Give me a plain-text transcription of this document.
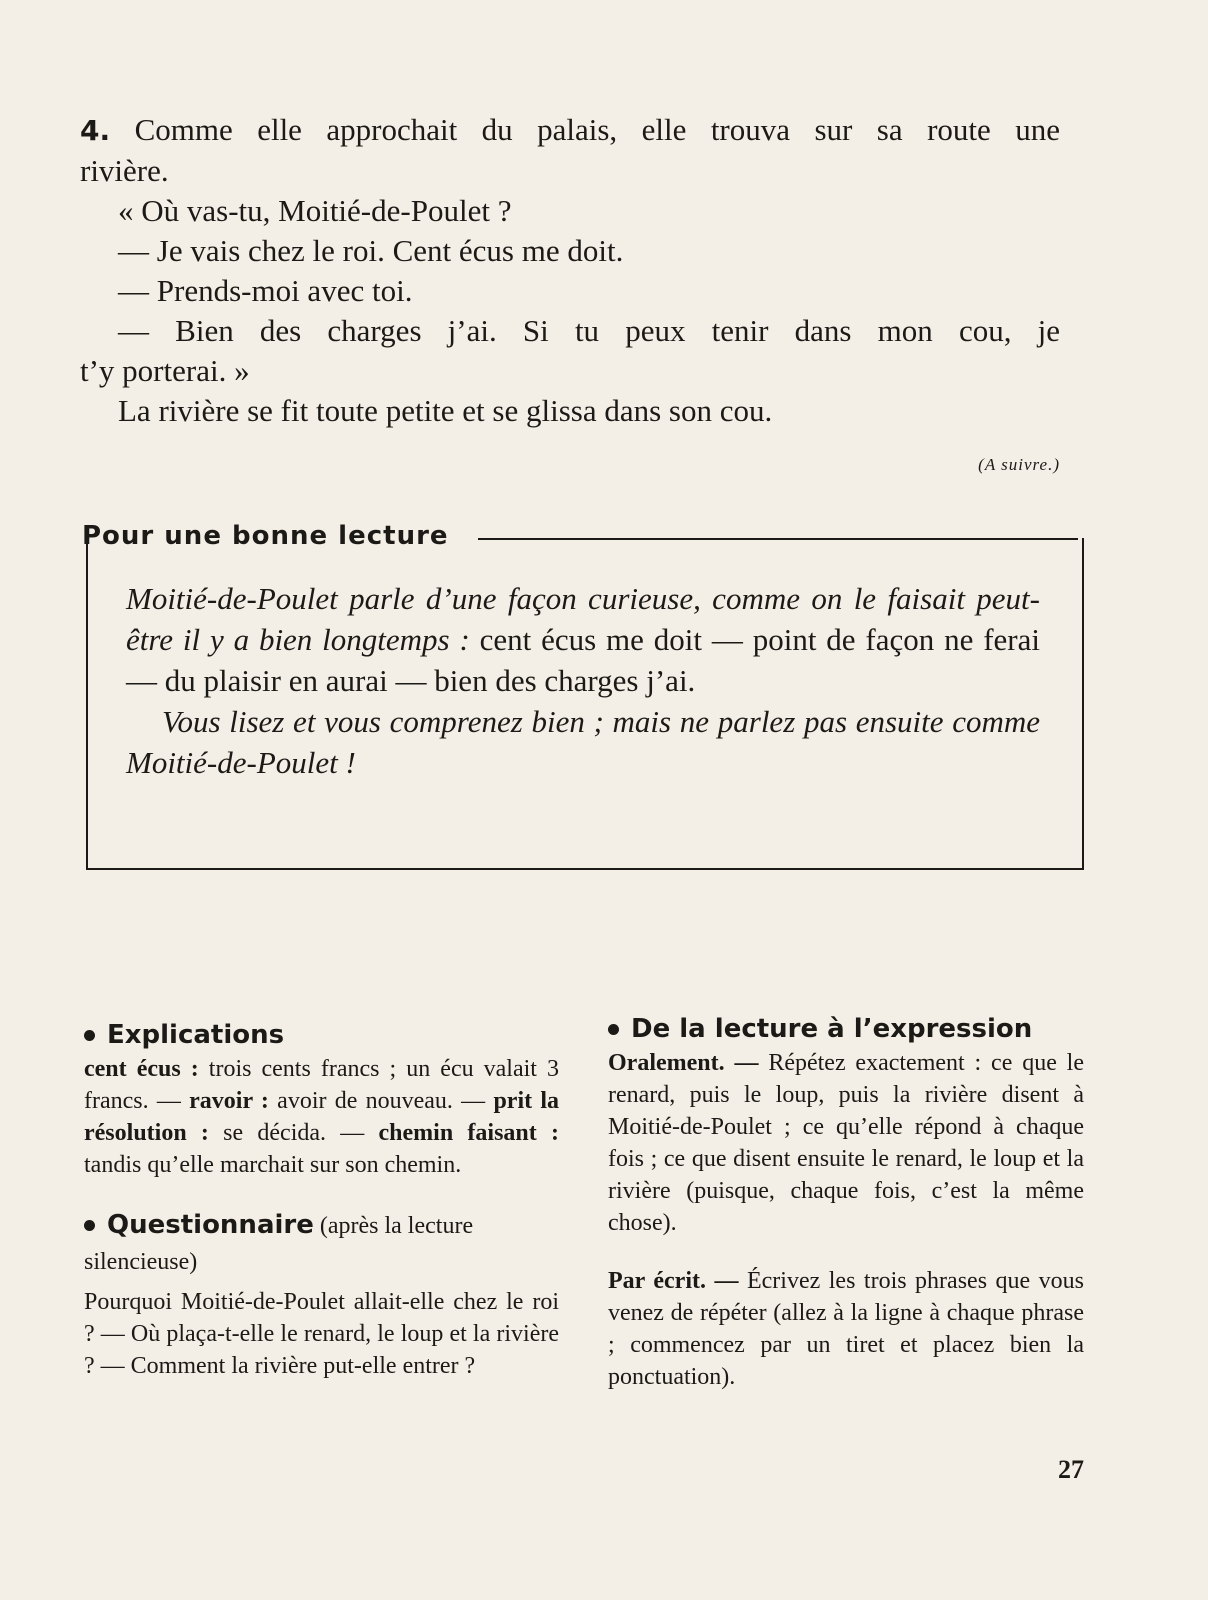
4. Comme elle approchait du palais, elle trouva sur sa route une

rivière.

« Où vas-tu, Moitié-de-Poulet ?

— Je vais chez le roi. Cent écus me doit.

— Prends-moi avec toi.

— Bien des charges j’ai. Si tu peux tenir dans mon cou, je

t’y porterai. »

La rivière se fit toute petite et se glissa dans son cou.

(A suivre.)
Pour une bonne lecture

Moitié-de-Poulet parle d’une façon curieuse, comme on le faisait peut-être il y a bien longtemps : cent écus me doit — point de façon ne ferai — du plaisir en aurai — bien des charges j’ai.

Vous lisez et vous comprenez bien ; mais ne parlez pas ensuite comme Moitié-de-Poulet !

Explications

cent écus : trois cents francs ; un écu valait 3 francs. — ravoir : avoir de nouveau. — prit la résolution : se décida. — chemin faisant : tandis qu’elle marchait sur son chemin.

Questionnaire (après la lecture silencieuse)

Pourquoi Moitié-de-Poulet allait-elle chez le roi ? — Où plaça-t-elle le renard, le loup et la rivière ? — Comment la rivière put-elle entrer ?

De la lecture à l’expression

Oralement. — Répétez exactement : ce que le renard, puis le loup, puis la rivière disent à Moitié-de-Poulet ; ce qu’elle répond à chaque fois ; ce que disent ensuite le renard, le loup et la rivière (puisque, chaque fois, c’est la même chose).

Par écrit. — Écrivez les trois phrases que vous venez de répéter (allez à la ligne à chaque phrase ; commencez par un tiret et placez bien la ponctuation).

27
